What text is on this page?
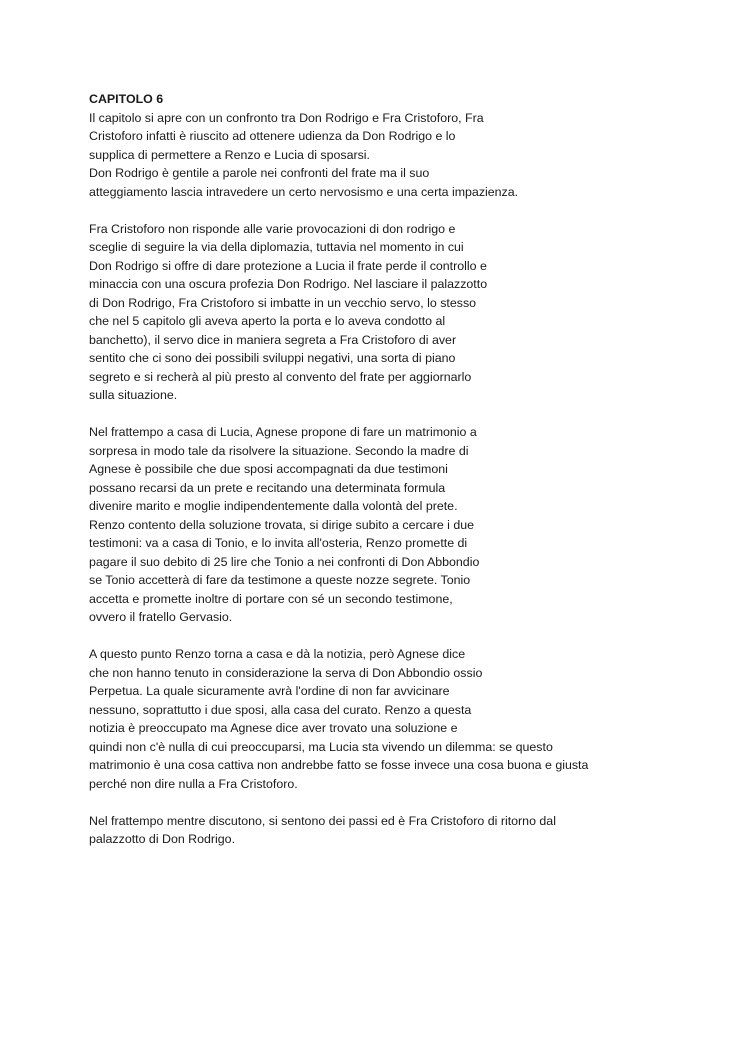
CAPITOLO 6
Il capitolo si apre con un confronto tra Don Rodrigo e Fra Cristoforo, Fra
Cristoforo infatti è riuscito ad ottenere udienza da Don Rodrigo e lo
supplica di permettere a Renzo e Lucia di sposarsi.
Don Rodrigo è gentile a parole nei confronti del frate ma il suo
atteggiamento lascia intravedere un certo nervosismo e una certa impazienza.
Fra Cristoforo non risponde alle varie provocazioni di don rodrigo e
sceglie di seguire la via della diplomazia, tuttavia nel momento in cui
Don Rodrigo si offre di dare protezione a Lucia il frate perde il controllo e
minaccia con una oscura profezia Don Rodrigo. Nel lasciare il palazzotto
di Don Rodrigo, Fra Cristoforo si imbatte in un vecchio servo, lo stesso
che nel 5 capitolo gli aveva aperto la porta e lo aveva condotto al
banchetto), il servo dice in maniera segreta a Fra Cristoforo di aver
sentito che ci sono dei possibili sviluppi negativi, una sorta di piano
segreto e si recherà al più presto al convento del frate per aggiornarlo
sulla situazione.
Nel frattempo a casa di Lucia, Agnese propone di fare un matrimonio a
sorpresa in modo tale da risolvere la situazione. Secondo la madre di
Agnese è possibile che due sposi accompagnati da due testimoni
possano recarsi da un prete e recitando una determinata formula
divenire marito e moglie indipendentemente dalla volontà del prete.
Renzo contento della soluzione trovata, si dirige subito a cercare i due
testimoni: va a casa di Tonio, e lo invita all'osteria, Renzo promette di
pagare il suo debito di 25 lire che Tonio a nei confronti di Don Abbondio
se Tonio accetterà di fare da testimone a queste nozze segrete. Tonio
accetta e promette inoltre di portare con sé un secondo testimone,
ovvero il fratello Gervasio.
A questo punto Renzo torna a casa e dà la notizia, però Agnese dice
che non hanno tenuto in considerazione la serva di Don Abbondio ossio
Perpetua. La quale sicuramente avrà l'ordine di non far avvicinare
nessuno, soprattutto i due sposi, alla casa del curato. Renzo a questa
notizia è preoccupato ma Agnese dice aver trovato una soluzione e
quindi non c'è nulla di cui preoccuparsi, ma Lucia sta vivendo un dilemma: se questo
matrimonio è una cosa cattiva non andrebbe fatto se fosse invece una cosa buona e giusta
perché non dire nulla a Fra Cristoforo.
Nel frattempo mentre discutono, si sentono dei passi ed è Fra Cristoforo di ritorno dal
palazzotto di Don Rodrigo.
